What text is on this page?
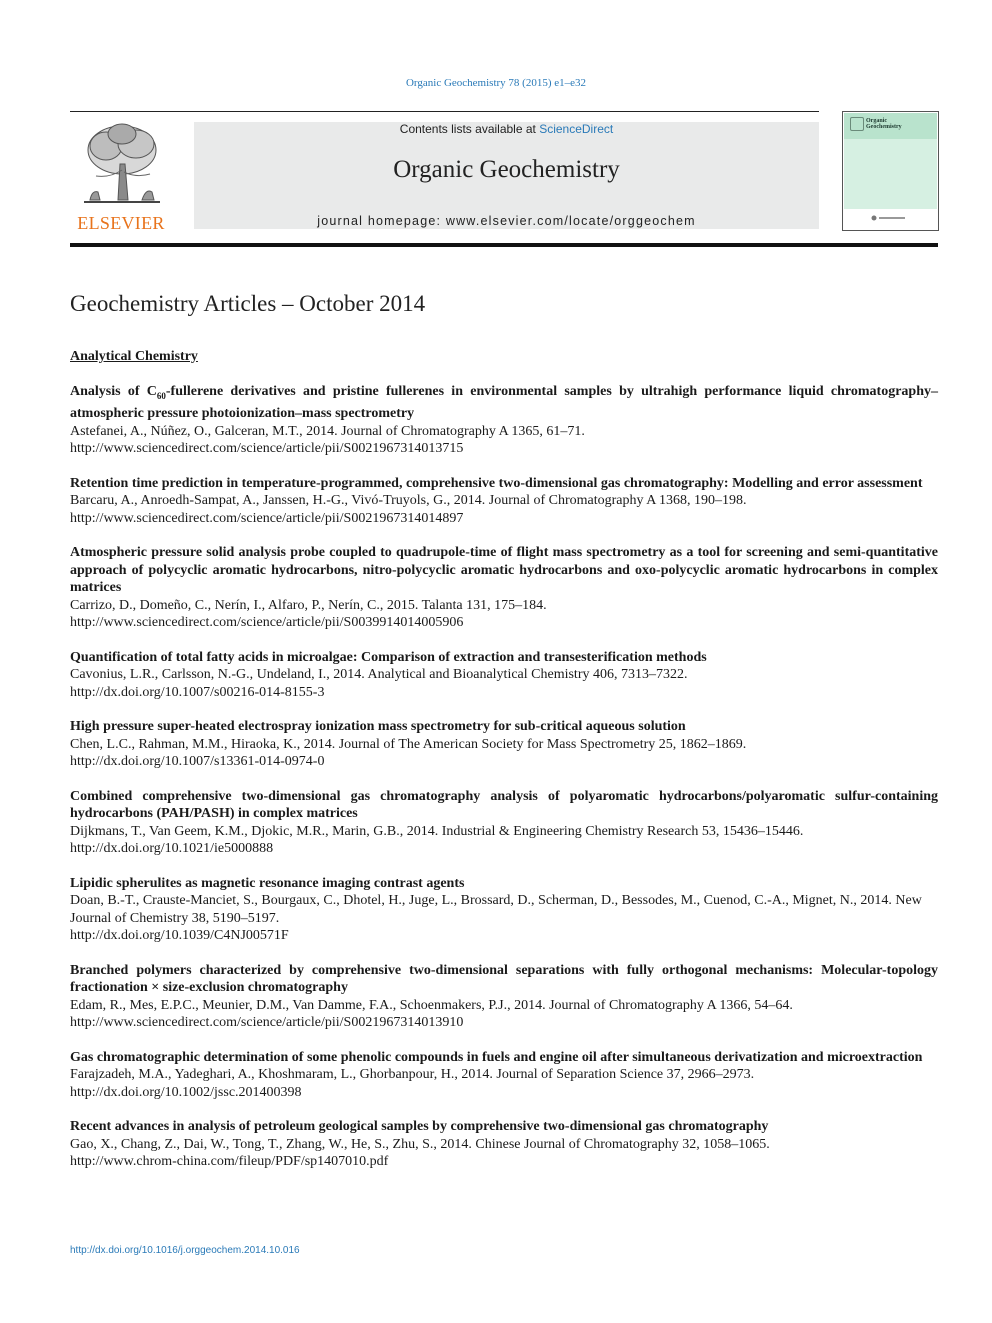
Organic Geochemistry 78 (2015) e1–e32
ELSEVIER
Contents lists available at ScienceDirect
Organic Geochemistry
journal homepage: www.elsevier.com/locate/orggeochem
Organic
Geochemistry
Geochemistry Articles – October 2014
Analytical Chemistry
Analysis of $C_{60}$-fullerene derivatives and pristine fullerenes in environmental samples by ultrahigh performance liquid chromatography–atmospheric pressure photoionization–mass spectrometry
Astefanei, A., Núñez, O., Galceran, M.T., 2014. Journal of Chromatography A 1365, 61–71.
http://www.sciencedirect.com/science/article/pii/S0021967314013715
Retention time prediction in temperature-programmed, comprehensive two-dimensional gas chromatography: Modelling and error assessment
Barcaru, A., Anroedh-Sampat, A., Janssen, H.-G., Vivó-Truyols, G., 2014. Journal of Chromatography A 1368, 190–198.
http://www.sciencedirect.com/science/article/pii/S0021967314014897
Atmospheric pressure solid analysis probe coupled to quadrupole-time of flight mass spectrometry as a tool for screening and semi-quantitative approach of polycyclic aromatic hydrocarbons, nitro-polycyclic aromatic hydrocarbons and oxo-polycyclic aromatic hydrocarbons in complex matrices
Carrizo, D., Domeño, C., Nerín, I., Alfaro, P., Nerín, C., 2015. Talanta 131, 175–184.
http://www.sciencedirect.com/science/article/pii/S0039914014005906
Quantification of total fatty acids in microalgae: Comparison of extraction and transesterification methods
Cavonius, L.R., Carlsson, N.-G., Undeland, I., 2014. Analytical and Bioanalytical Chemistry 406, 7313–7322.
http://dx.doi.org/10.1007/s00216-014-8155-3
High pressure super-heated electrospray ionization mass spectrometry for sub-critical aqueous solution
Chen, L.C., Rahman, M.M., Hiraoka, K., 2014. Journal of The American Society for Mass Spectrometry 25, 1862–1869.
http://dx.doi.org/10.1007/s13361-014-0974-0
Combined comprehensive two-dimensional gas chromatography analysis of polyaromatic hydrocarbons/polyaromatic sulfur-containing hydrocarbons (PAH/PASH) in complex matrices
Dijkmans, T., Van Geem, K.M., Djokic, M.R., Marin, G.B., 2014. Industrial & Engineering Chemistry Research 53, 15436–15446.
http://dx.doi.org/10.1021/ie5000888
Lipidic spherulites as magnetic resonance imaging contrast agents
Doan, B.-T., Crauste-Manciet, S., Bourgaux, C., Dhotel, H., Juge, L., Brossard, D., Scherman, D., Bessodes, M., Cuenod, C.-A., Mignet, N., 2014. New Journal of Chemistry 38, 5190–5197.
http://dx.doi.org/10.1039/C4NJ00571F
Branched polymers characterized by comprehensive two-dimensional separations with fully orthogonal mechanisms: Molecular-topology fractionation × size-exclusion chromatography
Edam, R., Mes, E.P.C., Meunier, D.M., Van Damme, F.A., Schoenmakers, P.J., 2014. Journal of Chromatography A 1366, 54–64.
http://www.sciencedirect.com/science/article/pii/S0021967314013910
Gas chromatographic determination of some phenolic compounds in fuels and engine oil after simultaneous derivatization and microextraction
Farajzadeh, M.A., Yadeghari, A., Khoshmaram, L., Ghorbanpour, H., 2014. Journal of Separation Science 37, 2966–2973.
http://dx.doi.org/10.1002/jssc.201400398
Recent advances in analysis of petroleum geological samples by comprehensive two-dimensional gas chromatography
Gao, X., Chang, Z., Dai, W., Tong, T., Zhang, W., He, S., Zhu, S., 2014. Chinese Journal of Chromatography 32, 1058–1065.
http://www.chrom-china.com/fileup/PDF/sp1407010.pdf
http://dx.doi.org/10.1016/j.orggeochem.2014.10.016
